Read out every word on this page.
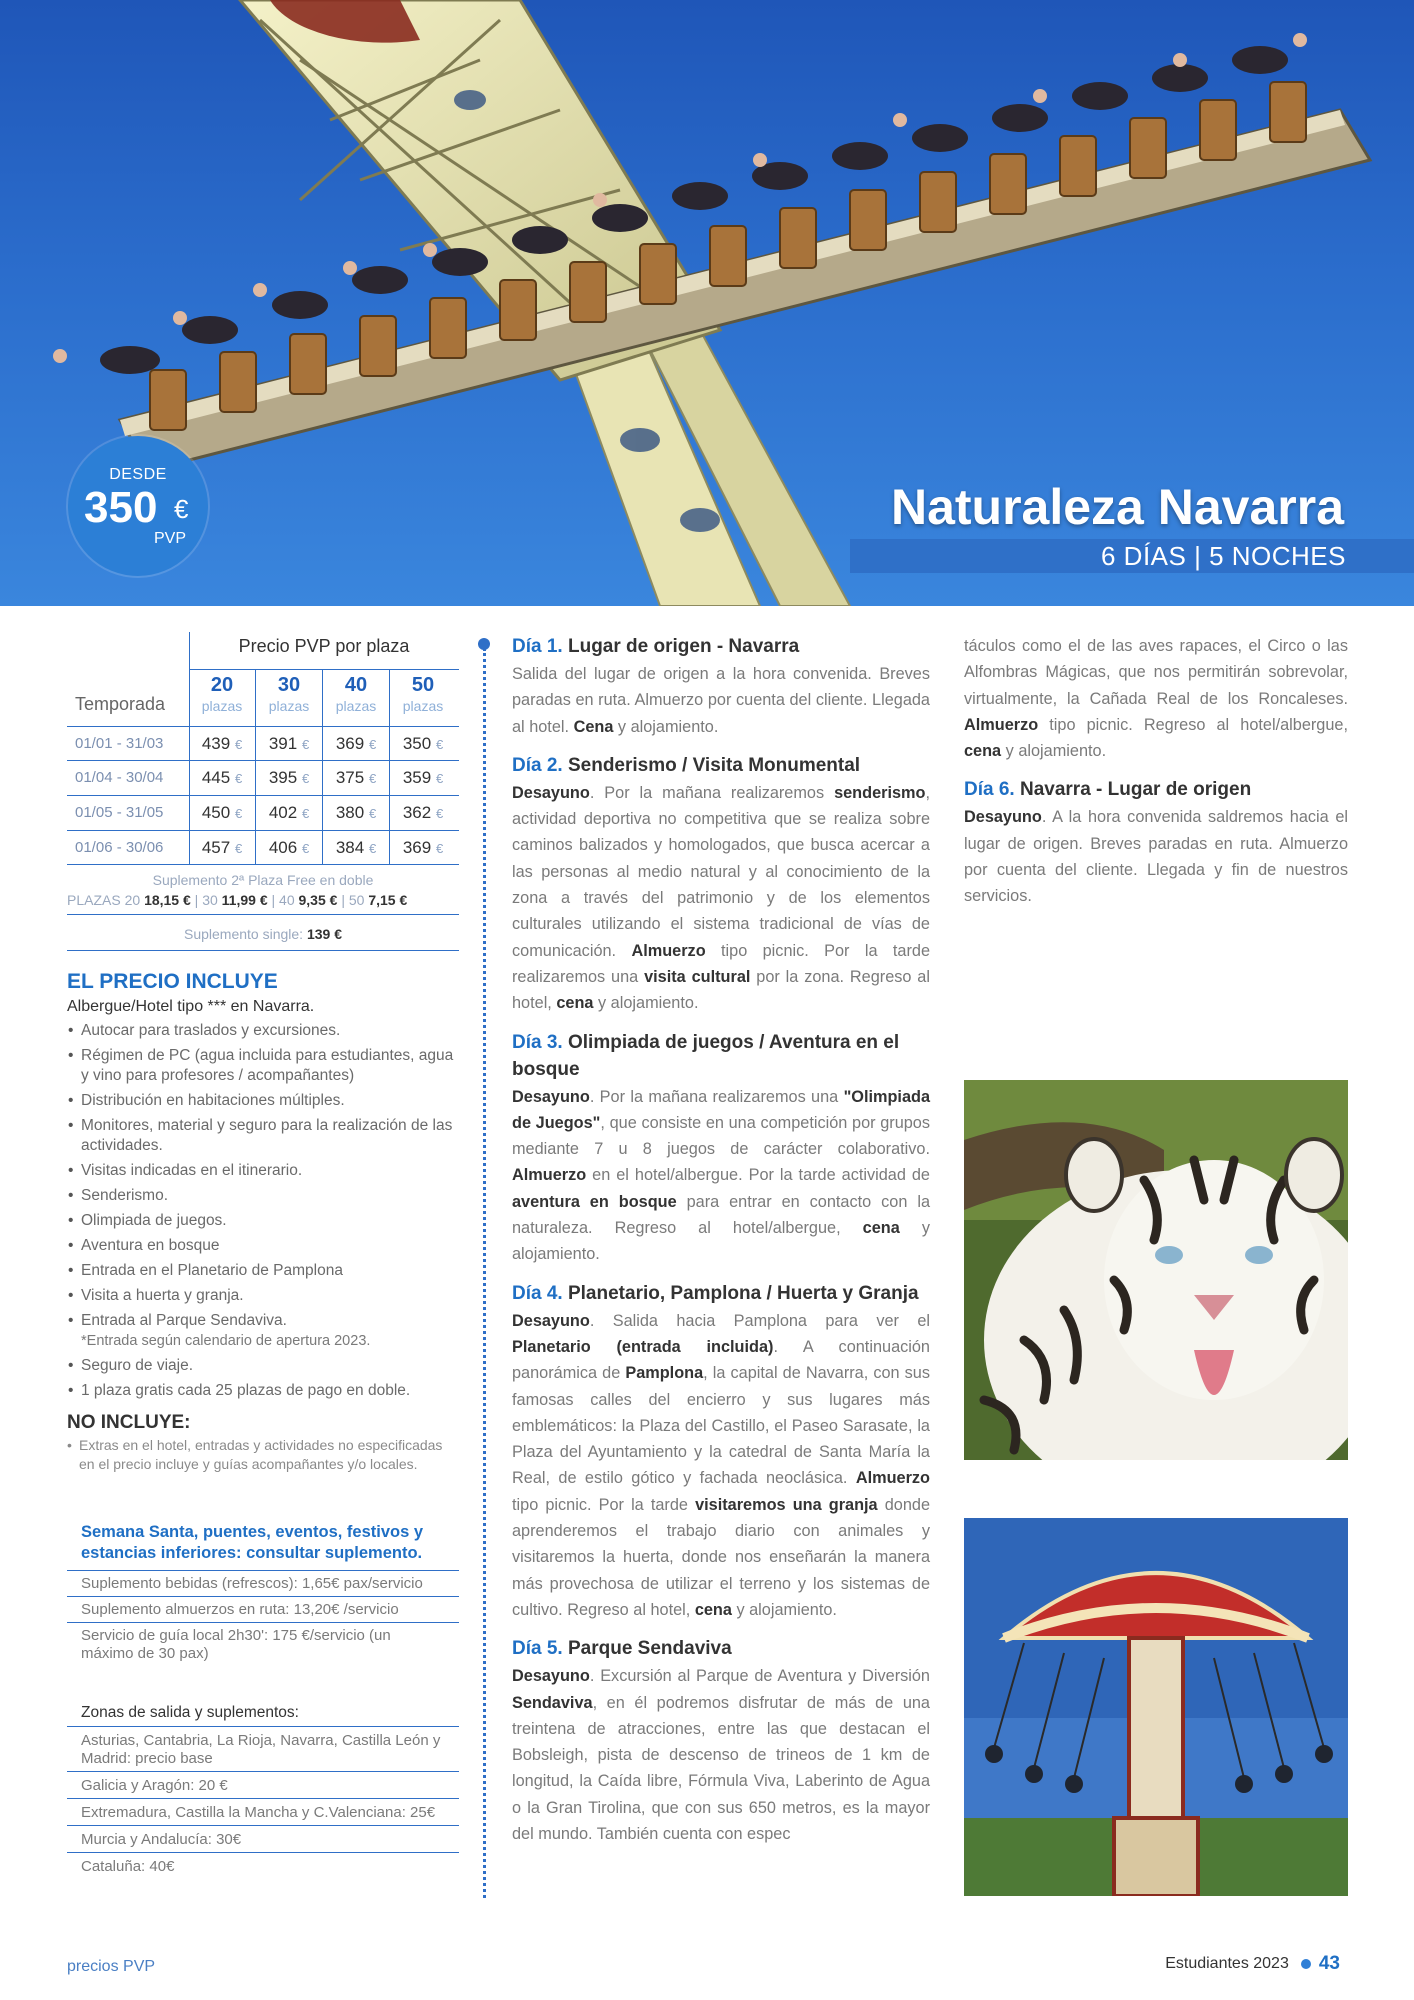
DESDE
350 €
PVP
Naturaleza Navarra
6 DÍAS | 5 NOCHES
Precio PVP por plaza
Temporada
20
plazas
30
plazas
40
plazas
50
plazas
01/01 - 31/03	439 €	391 €	369 €	350 €
01/04 - 30/04	445 €	395 €	375 €	359 €
01/05 - 31/05	450 €	402 €	380 €	362 €
01/06 - 30/06	457 €	406 €	384 €	369 €
Suplemento 2ª Plaza Free en doble
PLAZAS 20 18,15 € | 30 11,99 € | 40 9,35 € | 50 7,15 €
Suplemento single: 139 €
EL PRECIO INCLUYE
Albergue/Hotel tipo *** en Navarra.
• Autocar para traslados y excursiones.
• Régimen de PC (agua incluida para estudiantes, agua y vino para profesores / acompañantes)
• Distribución en habitaciones múltiples.
• Monitores, material y seguro para la realización de las actividades.
• Visitas indicadas en el itinerario.
• Senderismo.
• Olimpiada de juegos.
• Aventura en bosque
• Entrada en el Planetario de Pamplona
• Visita a huerta y granja.
• Entrada al Parque Sendaviva.
*Entrada según calendario de apertura 2023.
• Seguro de viaje.
• 1 plaza gratis cada 25 plazas de pago en doble.
NO INCLUYE:
• Extras en el hotel, entradas y actividades no especificadas en el precio incluye y guías acompañantes y/o locales.
Semana Santa, puentes, eventos, festivos y estancias inferiores: consultar suplemento.
Suplemento bebidas (refrescos): 1,65€ pax/servicio
Suplemento almuerzos en ruta: 13,20€ /servicio
Servicio de guía local 2h30': 175 €/servicio (un máximo de 30 pax)
Zonas de salida y suplementos:
Asturias, Cantabria, La Rioja, Navarra, Castilla León y Madrid: precio base
Galicia y Aragón: 20 €
Extremadura, Castilla la Mancha y C.Valenciana: 25€
Murcia y Andalucía: 30€
Cataluña: 40€
Día 1. Lugar de origen - Navarra

Salida del lugar de origen a la hora convenida. Breves paradas en ruta. Almuerzo por cuenta del cliente. Llegada al hotel. Cena y alojamiento.

Día 2. Senderismo / Visita Monumental

Desayuno. Por la mañana realizaremos senderismo, actividad deportiva no competitiva que se realiza sobre caminos balizados y homologados, que busca acercar a las personas al medio natural y al conocimiento de la zona a través del patrimonio y de los elementos culturales utilizando el sistema tradicional de vías de comunicación. Almuerzo tipo picnic. Por la tarde realizaremos una visita cultural por la zona. Regreso al hotel, cena y alojamiento.

Día 3. Olimpiada de juegos / Aventura en el bosque

Desayuno. Por la mañana realizaremos una "Olimpiada de Juegos", que consiste en una competición por grupos mediante 7 u 8 juegos de carácter colaborativo. Almuerzo en el hotel/albergue. Por la tarde actividad de aventura en bosque para entrar en contacto con la naturaleza. Regreso al hotel/albergue, cena y alojamiento.

Día 4. Planetario, Pamplona / Huerta y Granja

Desayuno. Salida hacia Pamplona para ver el Planetario (entrada incluida). A continuación panorámica de Pamplona, la capital de Navarra, con sus famosas calles del encierro y sus lugares más emblemáticos: la Plaza del Castillo, el Paseo Sarasate, la Plaza del Ayuntamiento y la catedral de Santa María la Real, de estilo gótico y fachada neoclásica. Almuerzo tipo picnic. Por la tarde visitaremos una granja donde aprenderemos el trabajo diario con animales y visitaremos la huerta, donde nos enseñarán la manera más provechosa de utilizar el terreno y los sistemas de cultivo. Regreso al hotel, cena y alojamiento.

Día 5. Parque Sendaviva

Desayuno. Excursión al Parque de Aventura y Diversión Sendaviva, en él podremos disfrutar de más de una treintena de atracciones, entre las que destacan el Bobsleigh, pista de descenso de trineos de 1 km de longitud, la Caída libre, Fórmula Viva, Laberinto de Agua o la Gran Tirolina, que con sus 650 metros, es la mayor del mundo. También cuenta con espec

táculos como el de las aves rapaces, el Circo o las Alfombras Mágicas, que nos permitirán sobrevolar, virtualmente, la Cañada Real de los Roncaleses. Almuerzo tipo picnic. Regreso al hotel/albergue, cena y alojamiento.

Día 6. Navarra - Lugar de origen

Desayuno. A la hora convenida saldremos hacia el lugar de origen. Breves paradas en ruta. Almuerzo por cuenta del cliente. Llegada y fin de nuestros servicios.

precios PVP	Estudiantes 2023 43
